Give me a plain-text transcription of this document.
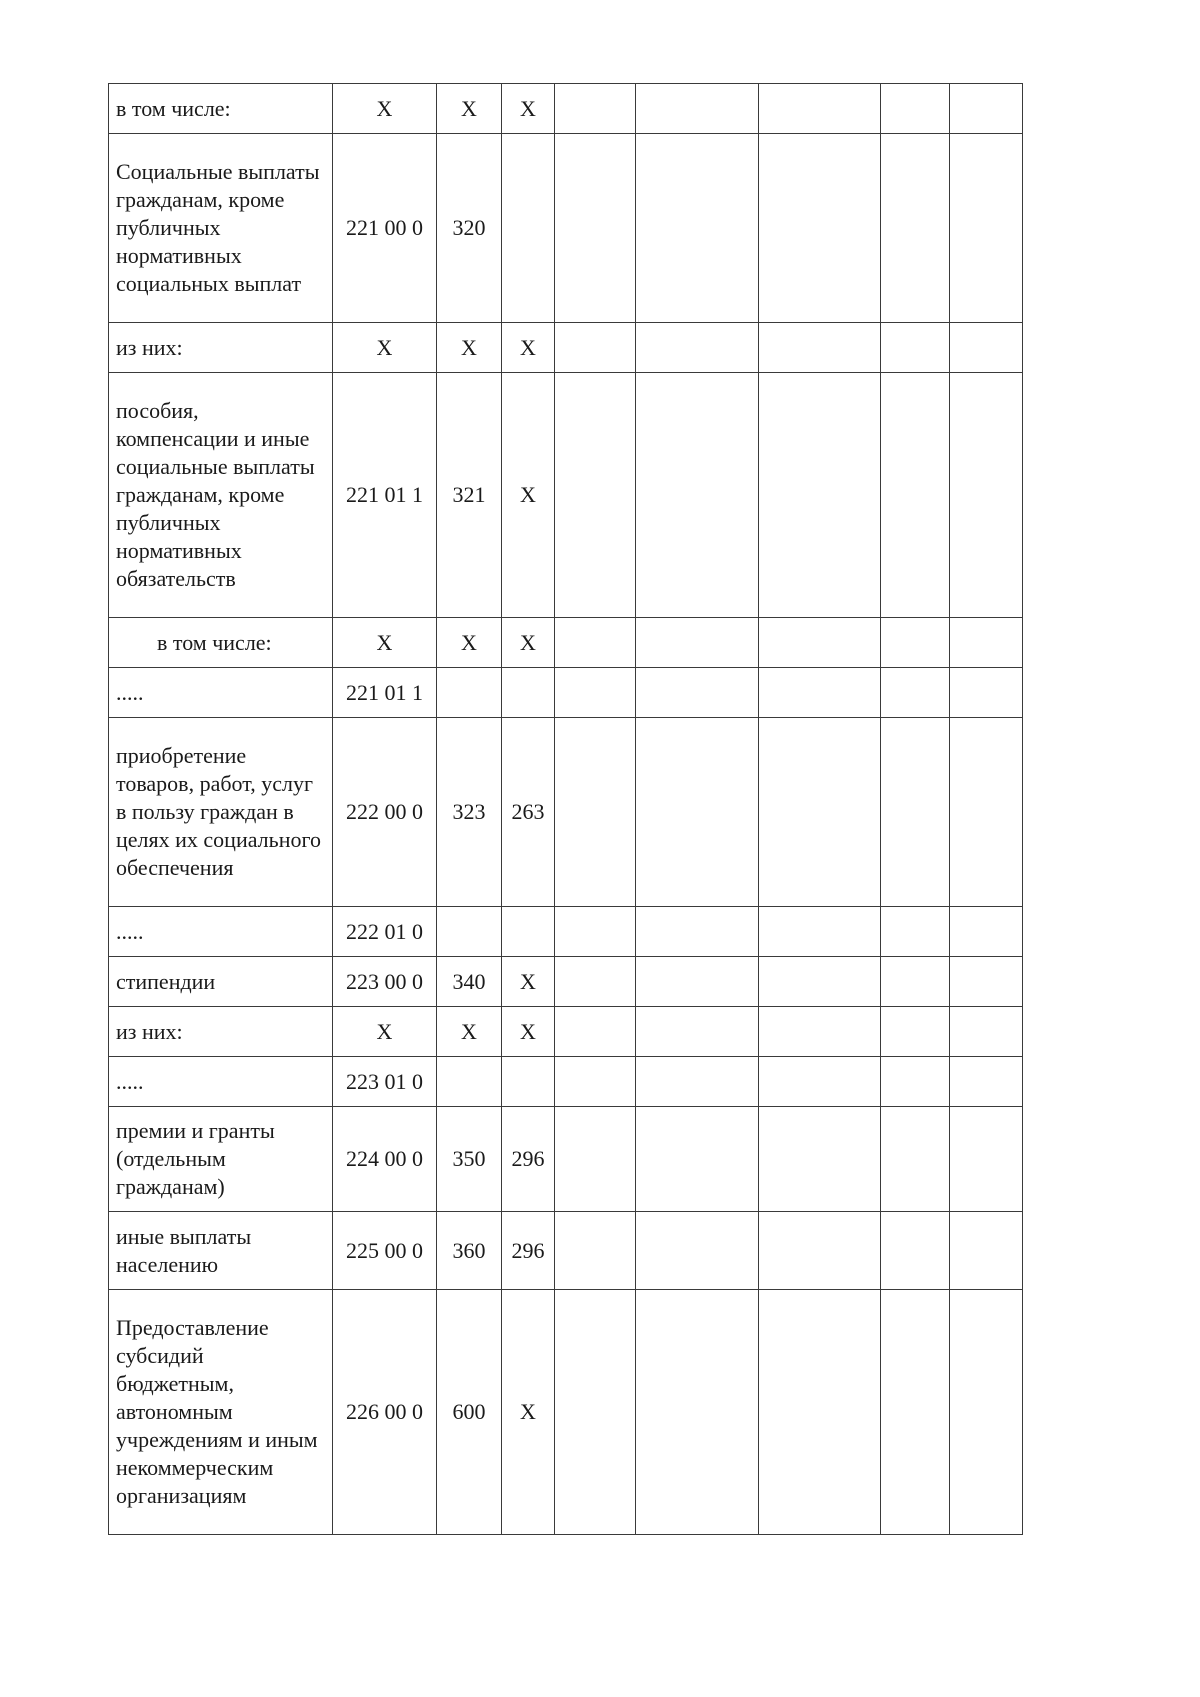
в том числе:	X	X	X					
Социальные выплаты гражданам, кроме публичных нормативных социальных выплат	221 00 0	320						
из них:	X	X	X					
пособия, компенсации и иные социальные выплаты гражданам, кроме публичных нормативных обязательств	221 01 1	321	X					
в том числе:	X	X	X					
.....	221 01 1							
приобретение товаров, работ, услуг в пользу граждан в целях их социального обеспечения	222 00 0	323	263					
.....	222 01 0							
стипендии	223 00 0	340	X					
из них:	X	X	X					
.....	223 01 0							
премии и гранты (отдельным гражданам)	224 00 0	350	296					
иные выплаты населению	225 00 0	360	296					
Предоставление субсидий бюджетным, автономным учреждениям и иным некоммерческим организациям	226 00 0	600	X					
